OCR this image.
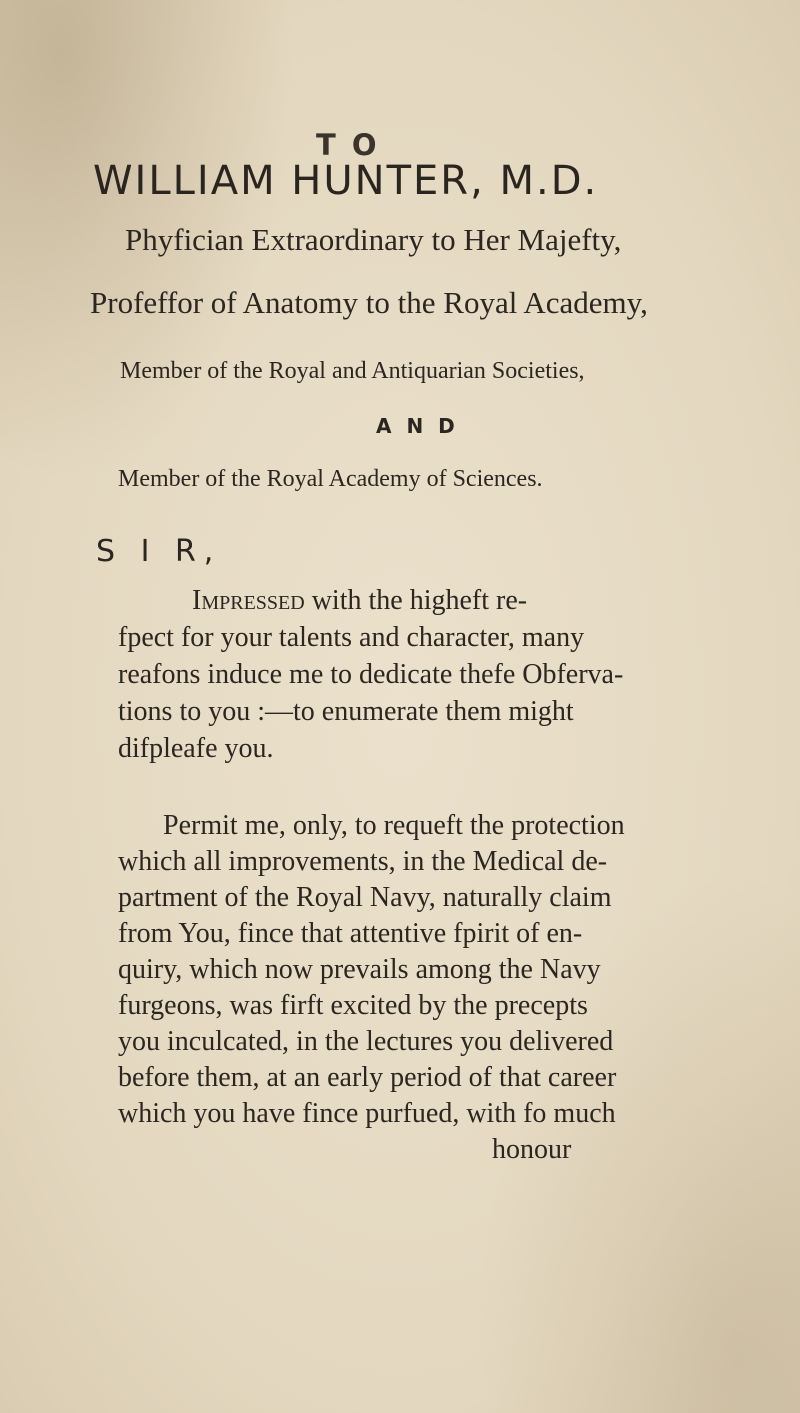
T O
WILLIAM HUNTER, M.D.
Phyfician Extraordinary to Her Majefty,
Profeffor of Anatomy to the Royal Academy,
Member of the Royal and Antiquarian Societies,
A N D
Member of the Royal Academy of Sciences.
S I R,
Impressed with the higheft re-
fpect for your talents and character, many
reafons induce me to dedicate thefe Obferva-
tions to you :—to enumerate them might
difpleafe you.
Permit me, only, to requeft the protection
which all improvements, in the Medical de-
partment of the Royal Navy, naturally claim
from You, fince that attentive fpirit of en-
quiry, which now prevails among the Navy
furgeons, was firft excited by the precepts
you inculcated, in the lectures you delivered
before them, at an early period of that career
which you have fince purfued, with fo much
honour
